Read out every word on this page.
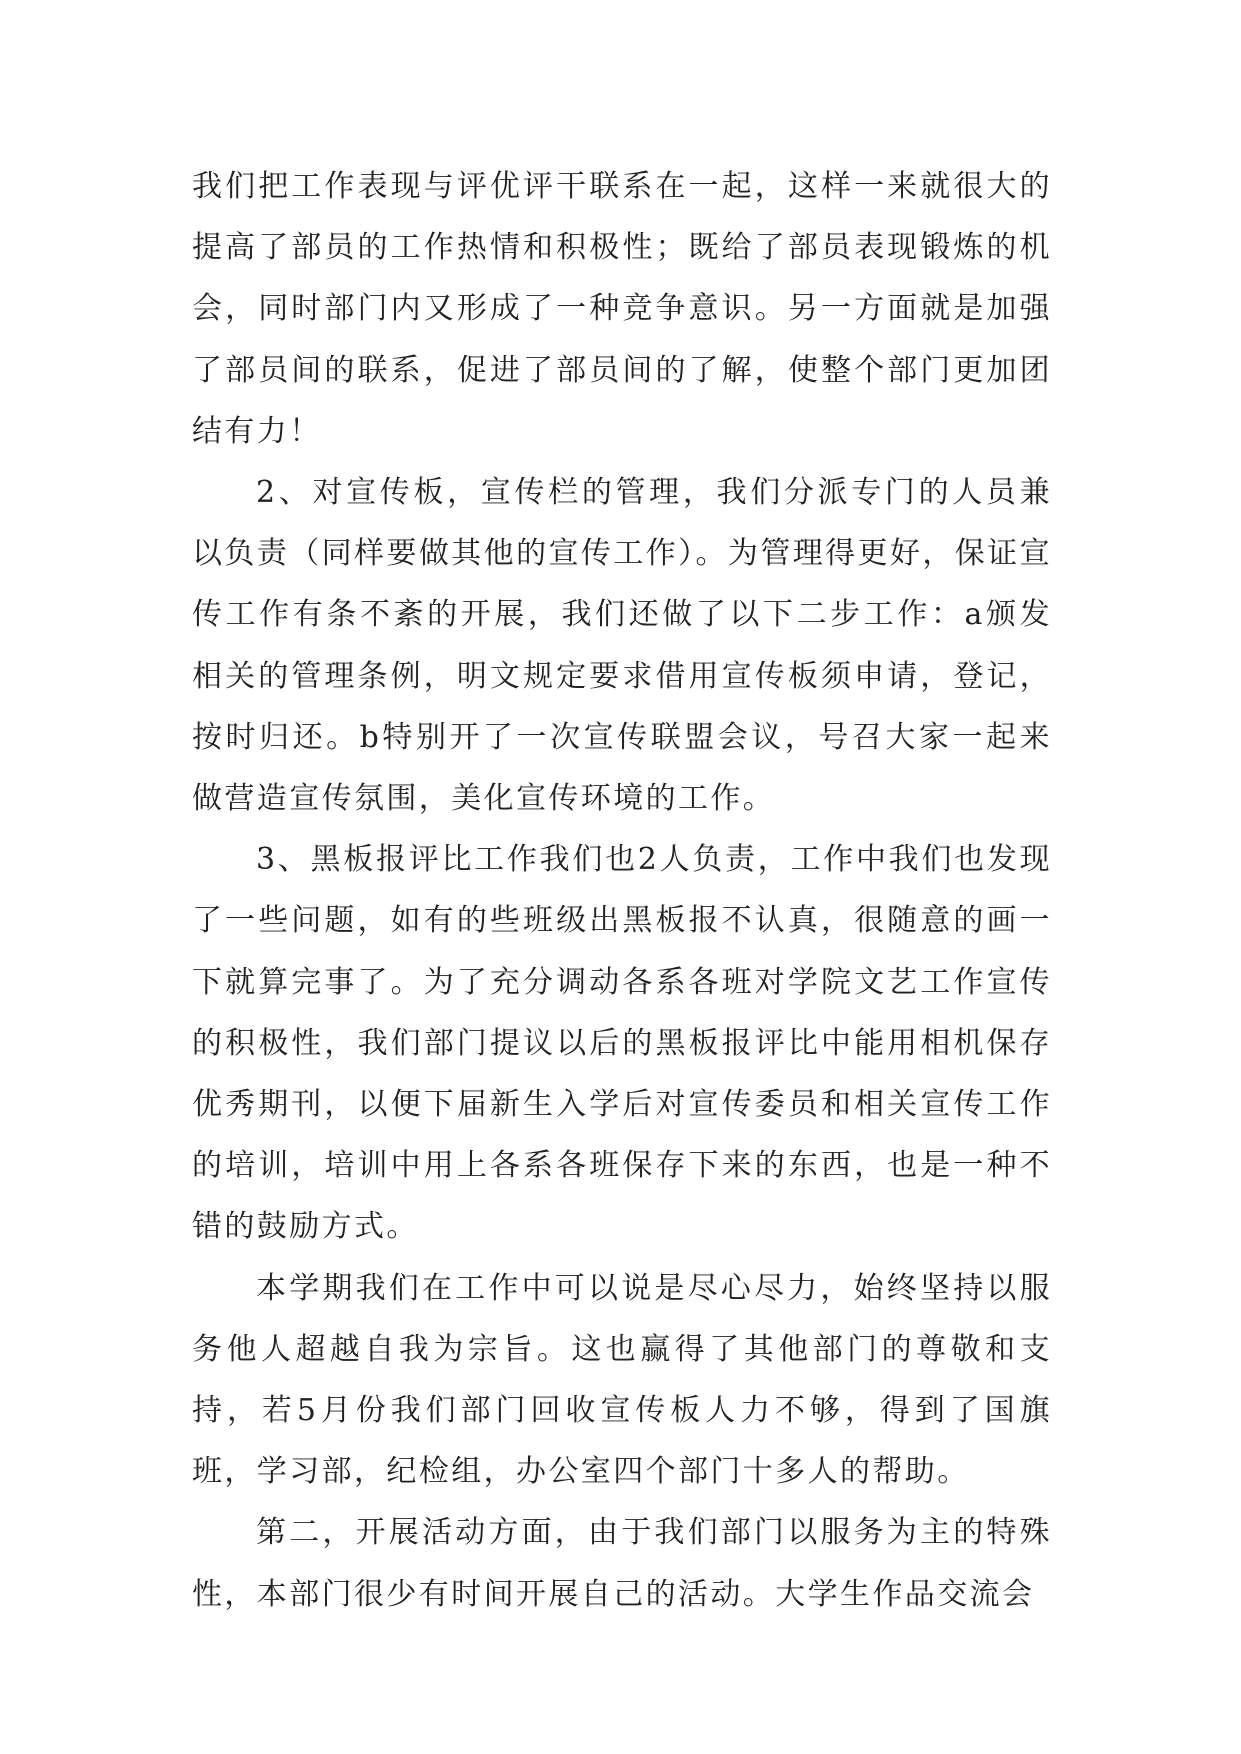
我们把工作表现与评优评干联系在一起，这样一来就很大的提高了部员的工作热情和积极性；既给了部员表现锻炼的机会，同时部门内又形成了一种竞争意识。另一方面就是加强了部员间的联系，促进了部员间的了解，使整个部门更加团结有力！

2、对宣传板，宣传栏的管理，我们分派专门的人员兼以负责（同样要做其他的宣传工作）。为管理得更好，保证宣传工作有条不紊的开展，我们还做了以下二步工作：a颁发相关的管理条例，明文规定要求借用宣传板须申请，登记，按时归还。b特别开了一次宣传联盟会议，号召大家一起来做营造宣传氛围，美化宣传环境的工作。

3、黑板报评比工作我们也2人负责，工作中我们也发现了一些问题，如有的些班级出黑板报不认真，很随意的画一下就算完事了。为了充分调动各系各班对学院文艺工作宣传的积极性，我们部门提议以后的黑板报评比中能用相机保存优秀期刊，以便下届新生入学后对宣传委员和相关宣传工作的培训，培训中用上各系各班保存下来的东西，也是一种不错的鼓励方式。

本学期我们在工作中可以说是尽心尽力，始终坚持以服务他人超越自我为宗旨。这也赢得了其他部门的尊敬和支持，若5月份我们部门回收宣传板人力不够，得到了国旗班，学习部，纪检组，办公室四个部门十多人的帮助。

第二，开展活动方面，由于我们部门以服务为主的特殊性，本部门很少有时间开展自己的活动。大学生作品交流会
